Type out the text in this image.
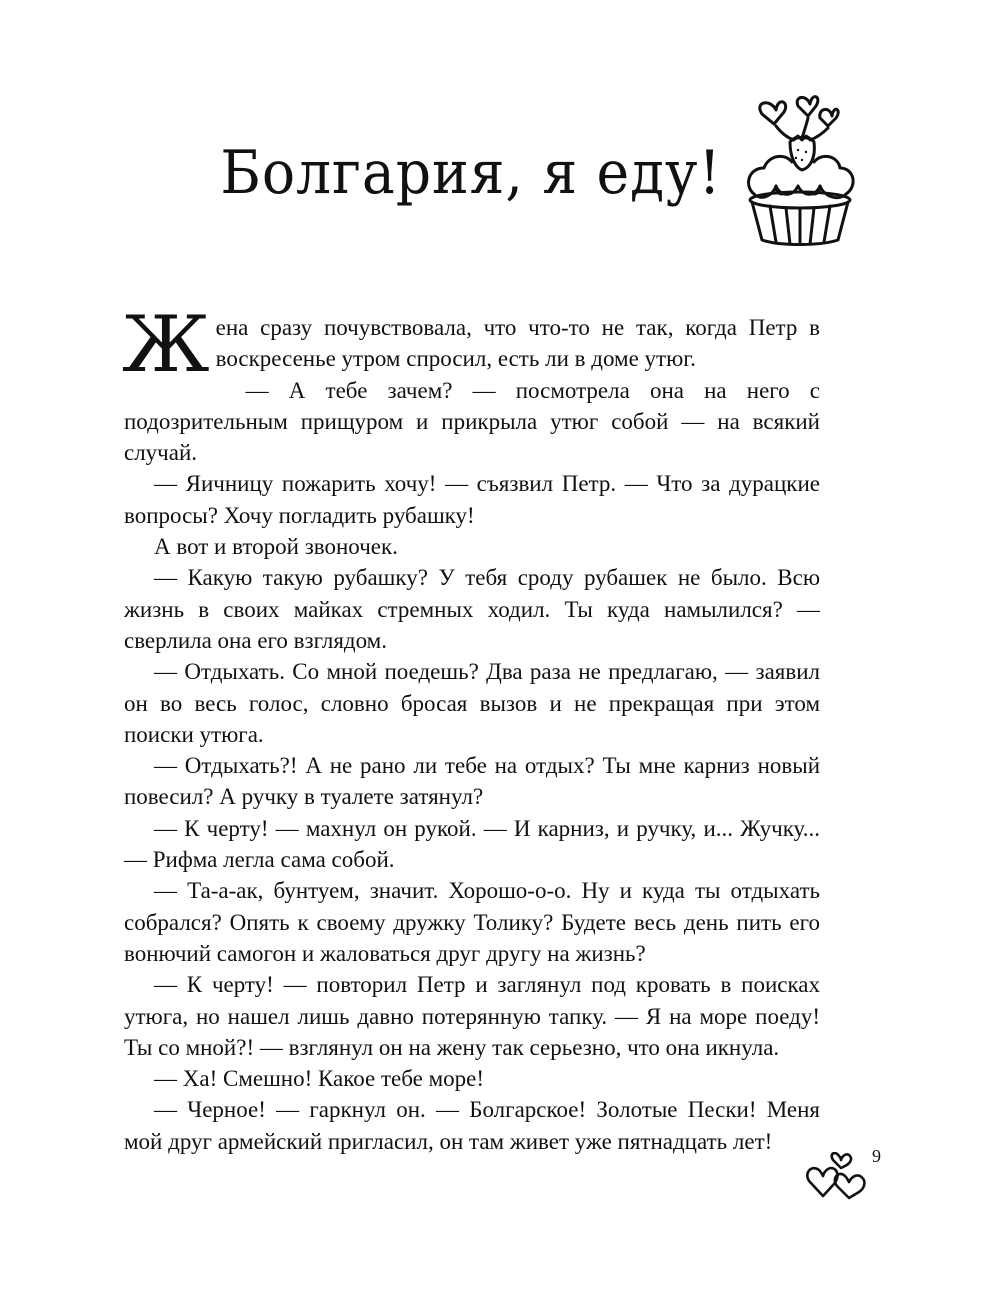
Болгария, я еду!

Жена сразу почувствовала, что что-то не так, когда Петр в воскресенье утром спросил, есть ли в доме утюг.

— А тебе зачем? — посмотрела она на него с подозрительным прищуром и прикрыла утюг собой — на всякий случай.

— Яичницу пожарить хочу! — съязвил Петр. — Что за дурацкие вопросы? Хочу погладить рубашку!

А вот и второй звоночек.

— Какую такую рубашку? У тебя сроду рубашек не было. Всю жизнь в своих майках стремных ходил. Ты куда намылился? — сверлила она его взглядом.

— Отдыхать. Со мной поедешь? Два раза не предлагаю, — заявил он во весь голос, словно бросая вызов и не прекращая при этом поиски утюга.

— Отдыхать?! А не рано ли тебе на отдых? Ты мне карниз новый повесил? А ручку в туалете затянул?

— К черту! — махнул он рукой. — И карниз, и ручку, и... Жучку... — Рифма легла сама собой.

— Та-а-ак, бунтуем, значит. Хорошо-о-о. Ну и куда ты отдыхать собрался? Опять к своему дружку Толику? Будете весь день пить его вонючий самогон и жаловаться друг другу на жизнь?

— К черту! — повторил Петр и заглянул под кровать в поисках утюга, но нашел лишь давно потерянную тапку. — Я на море поеду! Ты со мной?! — взглянул он на жену так серьезно, что она икнула.

— Ха! Смешно! Какое тебе море!

— Черное! — гаркнул он. — Болгарское! Золотые Пески! Меня мой друг армейский пригласил, он там живет уже пятнадцать лет!

9
